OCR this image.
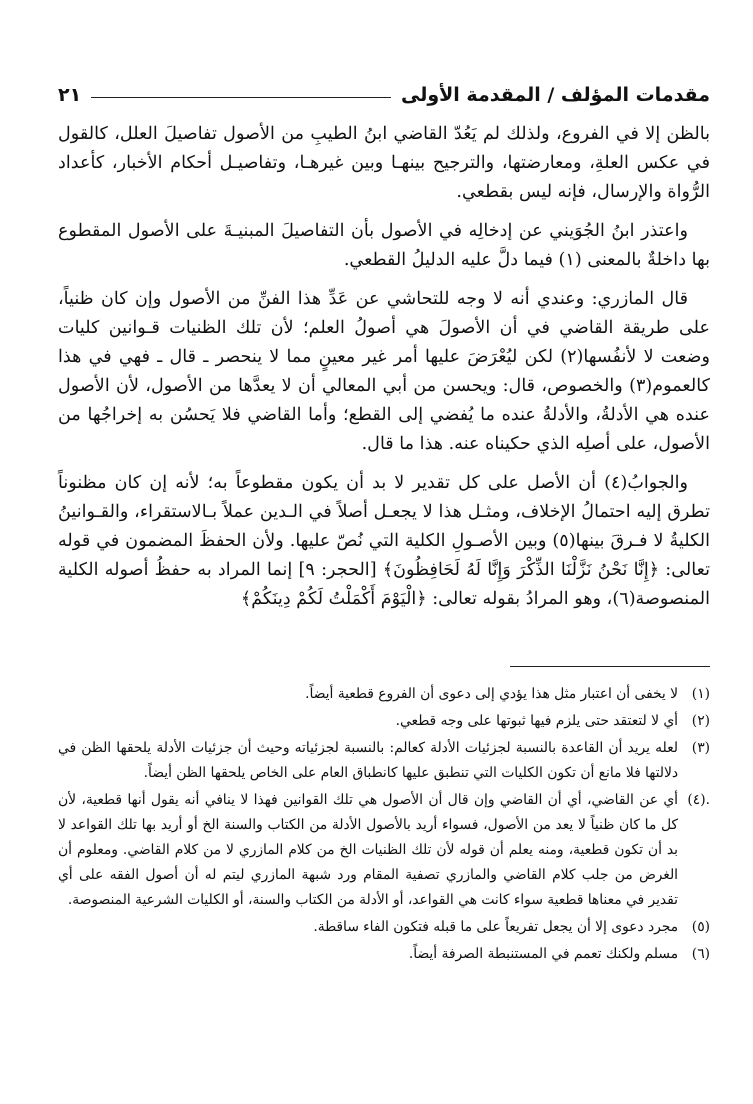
مقدمات المؤلف / المقدمة الأولى
٢١

بالظن إلا في الفروع، ولذلك لم يَعُدّ القاضي ابنُ الطيبِ من الأصول تفاصيلَ العلل، كالقول في عكس العلةِ، ومعارضتها، والترجيح بينهـا وبين غيرهـا، وتفاصيـل أحكام الأخبار، كأعداد الرُّواة والإرسال، فإنه ليس بقطعي.

واعتذر ابنُ الجُوَيني عن إدخالِه في الأصول بأن التفاصيلَ المبنيـةَ على الأصول المقطوع بها داخلةٌ بالمعنى (١) فيما دلَّ عليه الدليلُ القطعي.

قال المازري: وعندي أنه لا وجه للتحاشي عن عَدِّ هذا الفنِّ من الأصول وإن كان ظنياً، على طريقة القاضي في أن الأصولَ هي أصولُ العلم؛ لأن تلك الظنيات قـوانين كليات وضعت لا لأنفُسها(٢) لكن ليُعْرَضَ عليها أمر غير معينٍ مما لا ينحصر ـ قال ـ فهي في هذا كالعموم(٣) والخصوص، قال: ويحسن من أبي المعالي أن لا يعدَّها من الأصول، لأن الأصول عنده هي الأدلةُ، والأدلةُ عنده ما يُفضي إلى القطع؛ وأما القاضي فلا يَحسُن به إخراجُها من الأصول، على أصلِه الذي حكيناه عنه. هذا ما قال.

والجوابُ(٤) أن الأصل على كل تقدير لا بد أن يكون مقطوعاً به؛ لأنه إن كان مظنوناً تطرق إليه احتمالُ الإخلاف، ومثـل هذا لا يجعـل أصلاً في الـدين عملاً بـالاستقراء، والقـوانينُ الكليةُ لا فـرقَ بينها(٥) وبين الأصـولِ الكلية التي نُصّ عليها. ولأن الحفظَ المضمون في قوله تعالى: ﴿إِنَّا نَحْنُ نَزَّلْنَا الذِّكْرَ وَإِنَّا لَهُ لَحَافِظُونَ﴾ [الحجر: ٩] إنما المراد به حفظُ أصوله الكلية المنصوصة(٦)، وهو المرادُ بقوله تعالى: ﴿الْيَوْمَ أَكْمَلْتُ لَكُمْ دِينَكُمْ﴾

(١)
لا يخفى أن اعتبار مثل هذا يؤدي إلى دعوى أن الفروع قطعية أيضاً.
(٢)
أي لا لتعتقد حتى يلزم فيها ثبوتها على وجه قطعي.
(٣)
لعله يريد أن القاعدة بالنسبة لجزئيات الأدلة كعالم: بالنسبة لجزئياته وحيث أن جزئيات الأدلة يلحقها الظن في دلالتها فلا مانع أن تكون الكليات التي تنطبق عليها كانطباق العام على الخاص يلحقها الظن أيضاً.
.(٤)
أي عن القاضي، أي أن القاضي وإن قال أن الأصول هي تلك القوانين فهذا لا ينافي أنه يقول أنها قطعية، لأن كل ما كان ظنياً لا يعد من الأصول، فسواء أريد بالأصول الأدلة من الكتاب والسنة الخ أو أريد بها تلك القواعد لا بد أن تكون قطعية، ومنه يعلم أن قوله لأن تلك الظنيات الخ من كلام المازري لا من كلام القاضي. ومعلوم أن الغرض من جلب كلام القاضي والمازري تصفية المقام ورد شبهة المازري ليتم له أن أصول الفقه على أي تقدير في معناها قطعية سواء كانت هي القواعد، أو الأدلة من الكتاب والسنة، أو الكليات الشرعية المنصوصة.
(٥)
مجرد دعوى إلا أن يجعل تفريعاً على ما قبله فتكون الفاء ساقطة.
(٦)
مسلم ولكنك تعمم في المستنبطة الصرفة أيضاً.
